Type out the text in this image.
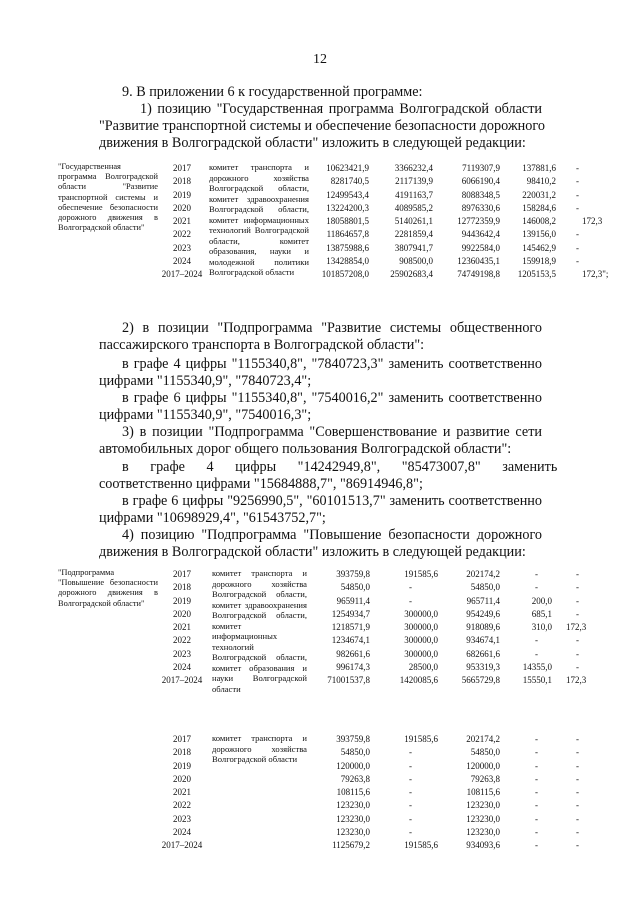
12
9. В приложении 6 к государственной программе:
1) позицию "Государственная программа Волгоградской области
"Развитие транспортной системы и обеспечение безопасности дорожного
движения в Волгоградской области" изложить в следующей редакции:
"Государственная программа Волгоградской области "Развитие транспортной системы и обеспечение безопасности дорожного движения в Волгоградской области"
2017
2018
2019
2020
2021
2022
2023
2024
2017–2024
комитет транспорта и дорожного хозяйства Волгоградской области, комитет здравоохранения Волгоградской области, комитет информационных технологий Волгоградской области, комитет образования, науки и молодежной политики Волгоградской области
10623421,9
8281740,5
12499543,4
13224200,3
18058801,5
11864657,8
13875988,6
13428854,0
101857208,0
3366232,4
2117139,9
4191163,7
4089585,2
5140261,1
2281859,4
3807941,7
908500,0
25902683,4
7119307,9
6066190,4
8088348,5
8976330,6
12772359,9
9443642,4
9922584,0
12360435,1
74749198,8
137881,6
98410,2
220031,2
158284,6
146008,2
139156,0
145462,9
159918,9
1205153,5
-
-
-
-
172,3
-
-
-
172,3";
2) в позиции "Подпрограмма "Развитие системы общественного
пассажирского транспорта в Волгоградской области":
в графе 4 цифры "1155340,8", "7840723,3" заменить соответственно
цифрами "1155340,9", "7840723,4";
в графе 6 цифры "1155340,8", "7540016,2" заменить соответственно
цифрами "1155340,9", "7540016,3";
3) в позиции "Подпрограмма "Совершенствование и развитие сети
автомобильных дорог общего пользования Волгоградской области":
в графе 4 цифры "14242949,8", "85473007,8" заменить
соответственно цифрами "15684888,7", "86914946,8";
в графе 6 цифры "9256990,5", "60101513,7" заменить соответственно
цифрами "10698929,4", "61543752,7";
4) позицию "Подпрограмма "Повышение безопасности дорожного
движения в Волгоградской области" изложить в следующей редакции:
"Подпрограмма "Повышение безопасности дорожного движения в Волгоградской области"
2017
2018
2019
2020
2021
2022
2023
2024
2017–2024
комитет транспорта и дорожного хозяйства Волгоградской области, комитет здравоохранения Волгоградской области, комитет информационных технологий Волгоградской области, комитет образования и науки Волгоградской области
393759,8
54850,0
965911,4
1254934,7
1218571,9
1234674,1
982661,6
996174,3
71001537,8
191585,6
-
-
300000,0
300000,0
300000,0
300000,0
28500,0
1420085,6
202174,2
54850,0
965711,4
954249,6
918089,6
934674,1
682661,6
953319,3
5665729,8
-
-
200,0
685,1
310,0
-
-
14355,0
15550,1
-
-
-
-
172,3
-
-
-
172,3
2017
2018
2019
2020
2021
2022
2023
2024
2017–2024
комитет транспорта и дорожного хозяйства Волгоградской области
393759,8
54850,0
120000,0
79263,8
108115,6
123230,0
123230,0
123230,0
1125679,2
191585,6
-
-
-
-
-
-
-
191585,6
202174,2
54850,0
120000,0
79263,8
108115,6
123230,0
123230,0
123230,0
934093,6
-
-
-
-
-
-
-
-
-
-
-
-
-
-
-
-
-
-
